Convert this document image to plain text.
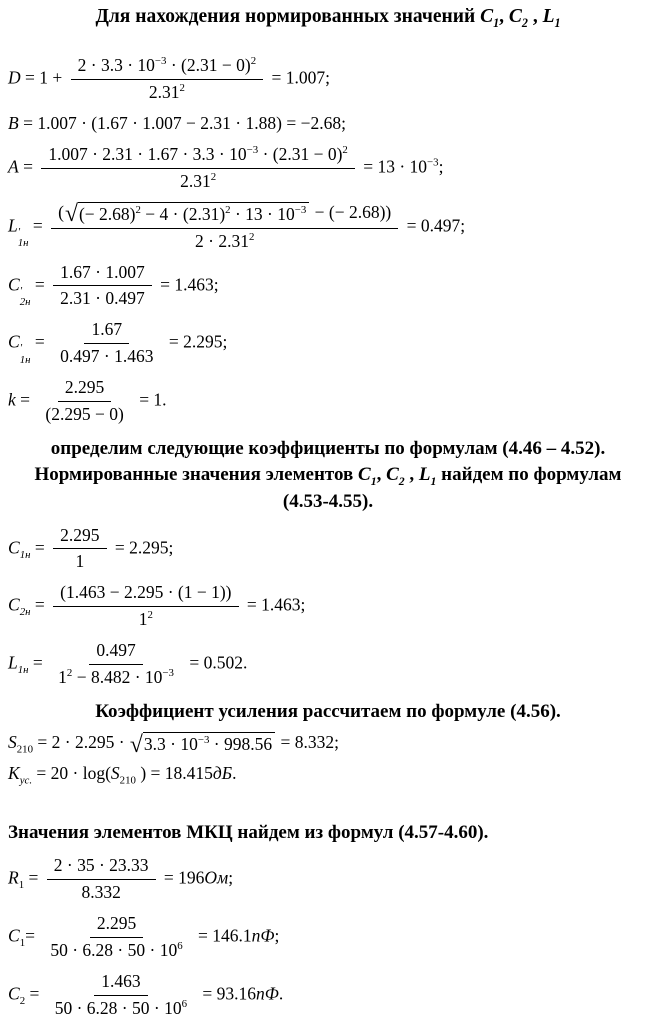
Для нахождения нормированных значений $C_1$, $C_2$ , $L_1$
$D = 1 + \frac{2 \cdot 3.3 \cdot 10^{-3} \cdot (2.31 - 0)^2}{2.31^2} = 1.007$;
B = 1.007 · (1.67 · 1.007 − 2.31 · 1.88) = −2.68;
$A = \frac{1.007 \cdot 2.31 \cdot 1.67 \cdot 3.3 \cdot 10^{-3} \cdot (2.31 - 0)^2}{2.31^2} = 13 \cdot 10^{-3}$;
L ′
1н
= $\frac{( √ (- 2.68)^2 - 4 \cdot (2.31)^2 \cdot 13 \cdot 10^{-3} - (- 2.68))}{2 \cdot 2.31^2} = 0.497$;
C ′
2н
= $\frac{1.67 \cdot 1.007}{2.31 \cdot 0.497} = 1.463$;
C ′
1н
= $\frac{1.67}{0.497 \cdot 1.463} = 2.295$;
$k = \frac{2.295}{(2.295 - 0)} = 1$.
определим следующие коэффициенты по формулам (4.46 – 4.52). Нормированные значения элементов $C_1$, $C_2$ , $L_1$ найдем по формулам (4.53-4.55).
$C_{1н} = \frac{2.295}{1} = 2.295$;
$C_{2н} = \frac{(1.463 - 2.295 \cdot (1 - 1))}{1^2} = 1.463$;
$L_{1н} = \frac{0.497}{1^2 - 8.482 \cdot 10^{-3}} = 0.502$.
Коэффициент усиления рассчитаем по формуле (4.56).
$S_{210} = 2 \cdot 2.295$ · √ $3.3 \cdot 10^{-3} \cdot 998.56 = 8.332$;
$K_{ус.} = 20 \cdot \log(S_{210}$ ) = 18.415дБ.
Значения элементов МКЦ найдем из формул (4.57-4.60).
$R_1 = \frac{2 \cdot 35 \cdot 23.33}{8.332} = 196Ом$;
$C_1= \frac{2.295}{50 \cdot 6.28 \cdot 50 \cdot 10^6} = 146.1пФ$;
$C_2 = \frac{1.463}{50 \cdot 6.28 \cdot 50 \cdot 10^6} = 93.16пФ$.
